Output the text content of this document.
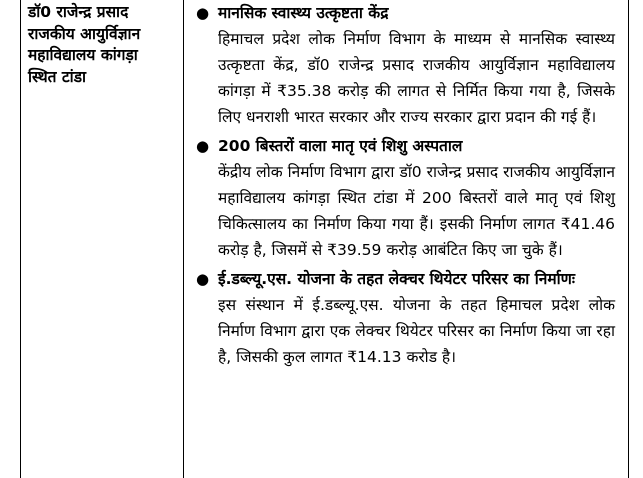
डॉ0 राजेन्द्र प्रसाद
राजकीय आयुर्विज्ञान
महाविद्यालय कांगड़ा
स्थित टांडा
● मानसिक स्वास्थ्य उत्कृष्टता केंद्र
हिमाचल प्रदेश लोक निर्माण विभाग के माध्यम से मानसिक स्वास्थ्य उत्कृष्टता केंद्र, डॉ0 राजेन्द्र प्रसाद राजकीय आयुर्विज्ञान महाविद्यालय कांगड़ा में ₹35.38 करोड़ की लागत से निर्मित किया गया है, जिसके लिए धनराशी भारत सरकार और राज्य सरकार द्वारा प्रदान की गई हैं।
● 200 बिस्तरों वाला मातृ एवं शिशु अस्पताल
केंद्रीय लोक निर्माण विभाग द्वारा डॉ0 राजेन्द्र प्रसाद राजकीय आयुर्विज्ञान महाविद्यालय कांगड़ा स्थित टांडा में 200 बिस्तरों वाले मातृ एवं शिशु चिकित्सालय का निर्माण किया गया हैं। इसकी निर्माण लागत ₹41.46 करोड़ है, जिसमें से ₹39.59 करोड़ आबंटित किए जा चुके हैं।
● ई.डब्ल्यू.एस. योजना के तहत लेक्चर थियेटर परिसर का निर्माणः
इस संस्थान में ई.डब्ल्यू.एस. योजना के तहत हिमाचल प्रदेश लोक निर्माण विभाग द्वारा एक लेक्चर थियेटर परिसर का निर्माण किया जा रहा है, जिसकी कुल लागत ₹14.13 करोड है।
